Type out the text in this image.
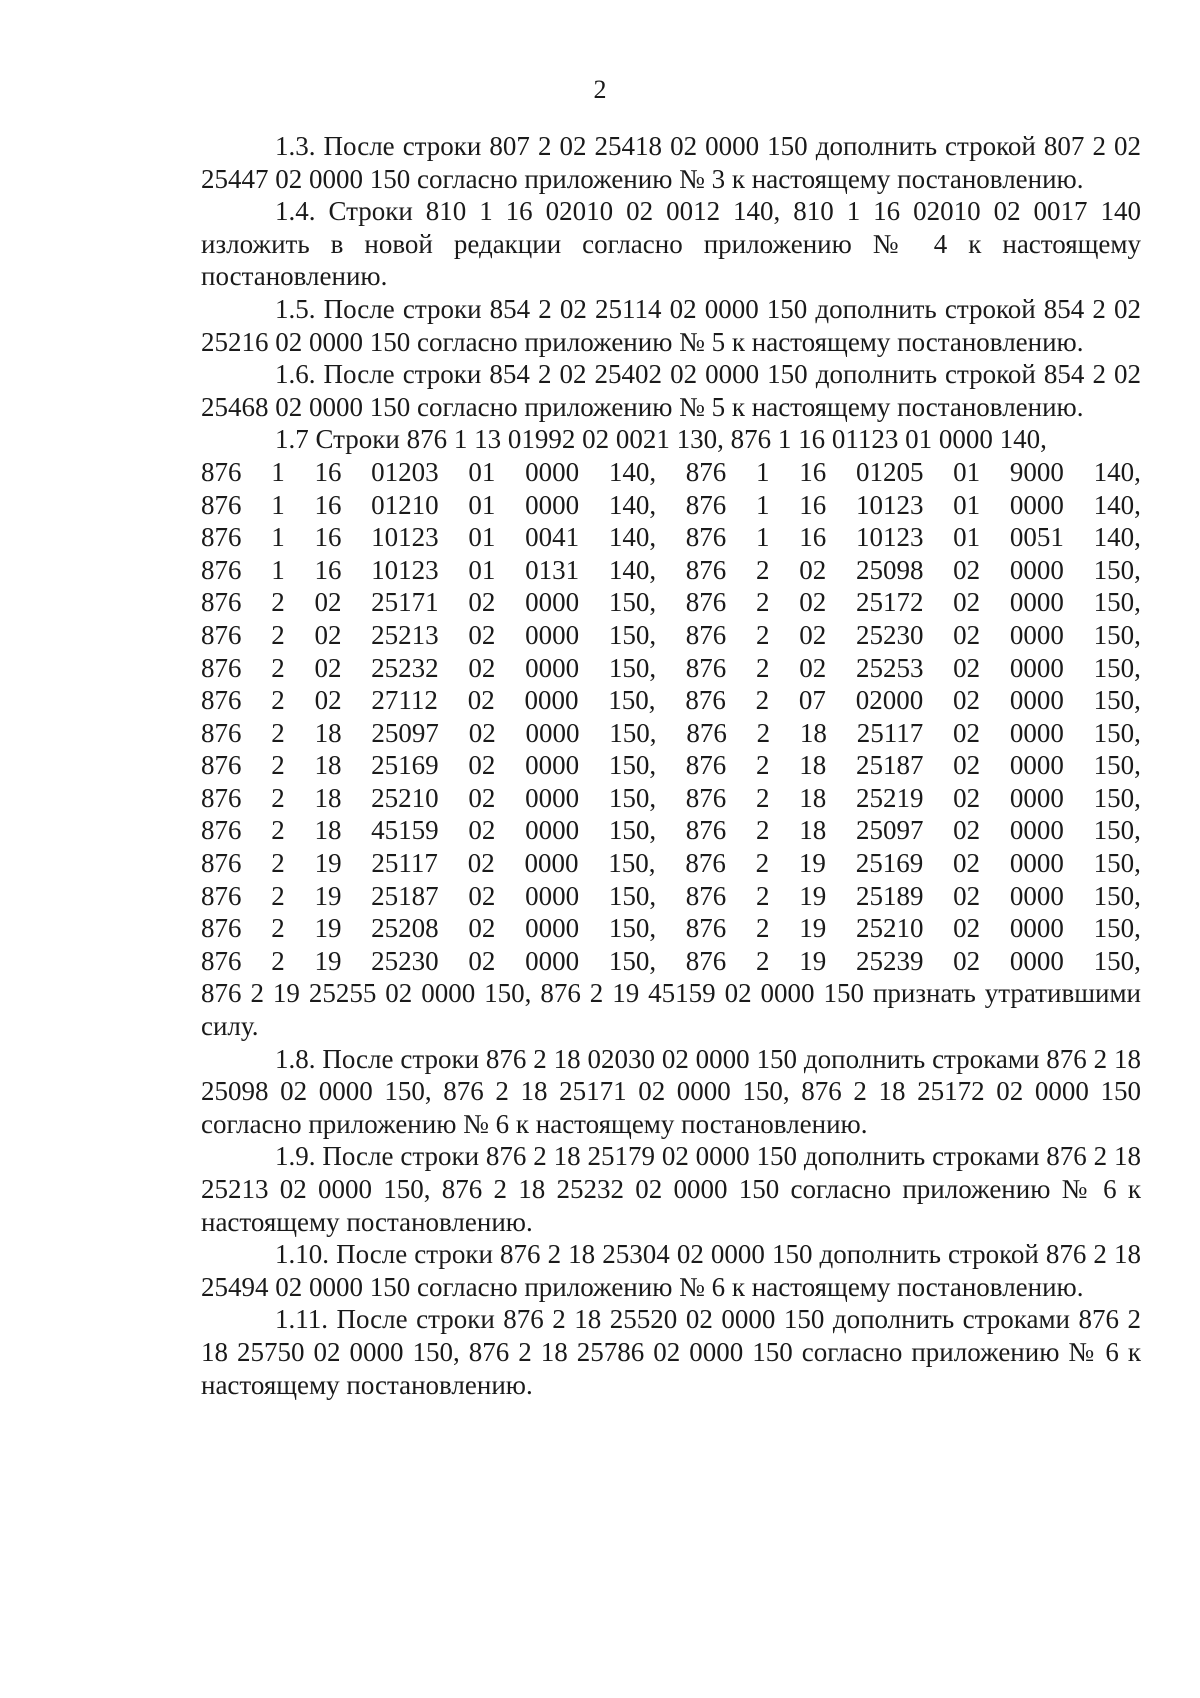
2

1.3. После строки 807 2 02 25418 02 0000 150 дополнить строкой 807 2 02 25447 02 0000 150 согласно приложению № 3 к настоящему постановлению.

1.4. Строки 810 1 16 02010 02 0012 140, 810 1 16 02010 02 0017 140 изложить в новой редакции согласно приложению № 4 к настоящему постановлению.

1.5. После строки 854 2 02 25114 02 0000 150 дополнить строкой 854 2 02 25216 02 0000 150 согласно приложению № 5 к настоящему постановлению.

1.6. После строки 854 2 02 25402 02 0000 150 дополнить строкой 854 2 02 25468 02 0000 150 согласно приложению № 5 к настоящему постановлению.

1.7 Строки 876 1 13 01992 02 0021 130, 876 1 16 01123 01 0000 140,

876 1 16 01203 01 0000 140, 876 1 16 01205 01 9000 140,
876 1 16 01210 01 0000 140, 876 1 16 10123 01 0000 140,
876 1 16 10123 01 0041 140, 876 1 16 10123 01 0051 140,
876 1 16 10123 01 0131 140, 876 2 02 25098 02 0000 150,
876 2 02 25171 02 0000 150, 876 2 02 25172 02 0000 150,
876 2 02 25213 02 0000 150, 876 2 02 25230 02 0000 150,
876 2 02 25232 02 0000 150, 876 2 02 25253 02 0000 150,
876 2 02 27112 02 0000 150, 876 2 07 02000 02 0000 150,
876 2 18 25097 02 0000 150, 876 2 18 25117 02 0000 150,
876 2 18 25169 02 0000 150, 876 2 18 25187 02 0000 150,
876 2 18 25210 02 0000 150, 876 2 18 25219 02 0000 150,
876 2 18 45159 02 0000 150, 876 2 18 25097 02 0000 150,
876 2 19 25117 02 0000 150, 876 2 19 25169 02 0000 150,
876 2 19 25187 02 0000 150, 876 2 19 25189 02 0000 150,
876 2 19 25208 02 0000 150, 876 2 19 25210 02 0000 150,
876 2 19 25230 02 0000 150, 876 2 19 25239 02 0000 150,

876 2 19 25255 02 0000 150, 876 2 19 45159 02 0000 150 признать утратившими силу.

1.8. После строки 876 2 18 02030 02 0000 150 дополнить строками 876 2 18 25098 02 0000 150, 876 2 18 25171 02 0000 150, 876 2 18 25172 02 0000 150 согласно приложению № 6 к настоящему постановлению.

1.9. После строки 876 2 18 25179 02 0000 150 дополнить строками 876 2 18 25213 02 0000 150, 876 2 18 25232 02 0000 150 согласно приложению № 6 к настоящему постановлению.

1.10. После строки 876 2 18 25304 02 0000 150 дополнить строкой 876 2 18 25494 02 0000 150 согласно приложению № 6 к настоящему постановлению.

1.11. После строки 876 2 18 25520 02 0000 150 дополнить строками 876 2 18 25750 02 0000 150, 876 2 18 25786 02 0000 150 согласно приложению № 6 к настоящему постановлению.
